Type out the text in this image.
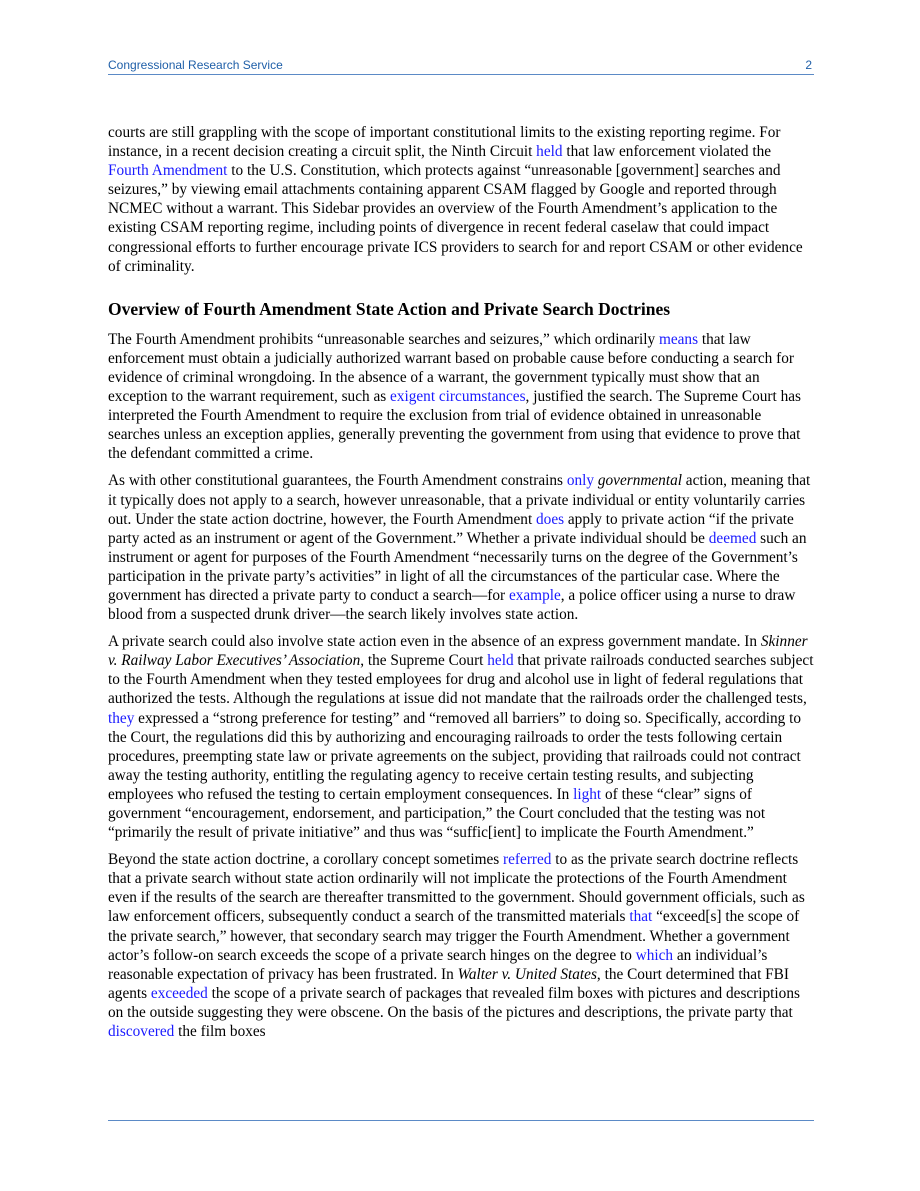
Congressional Research Service	2

courts are still grappling with the scope of important constitutional limits to the existing reporting regime. For instance, in a recent decision creating a circuit split, the Ninth Circuit held that law enforcement violated the Fourth Amendment to the U.S. Constitution, which protects against “unreasonable [government] searches and seizures,” by viewing email attachments containing apparent CSAM flagged by Google and reported through NCMEC without a warrant. This Sidebar provides an overview of the Fourth Amendment’s application to the existing CSAM reporting regime, including points of divergence in recent federal caselaw that could impact congressional efforts to further encourage private ICS providers to search for and report CSAM or other evidence of criminality.

Overview of Fourth Amendment State Action and Private Search Doctrines

The Fourth Amendment prohibits “unreasonable searches and seizures,” which ordinarily means that law enforcement must obtain a judicially authorized warrant based on probable cause before conducting a search for evidence of criminal wrongdoing. In the absence of a warrant, the government typically must show that an exception to the warrant requirement, such as exigent circumstances, justified the search. The Supreme Court has interpreted the Fourth Amendment to require the exclusion from trial of evidence obtained in unreasonable searches unless an exception applies, generally preventing the government from using that evidence to prove that the defendant committed a crime.

As with other constitutional guarantees, the Fourth Amendment constrains only governmental action, meaning that it typically does not apply to a search, however unreasonable, that a private individual or entity voluntarily carries out. Under the state action doctrine, however, the Fourth Amendment does apply to private action “if the private party acted as an instrument or agent of the Government.” Whether a private individual should be deemed such an instrument or agent for purposes of the Fourth Amendment “necessarily turns on the degree of the Government’s participation in the private party’s activities” in light of all the circumstances of the particular case. Where the government has directed a private party to conduct a search—for example, a police officer using a nurse to draw blood from a suspected drunk driver—the search likely involves state action.

A private search could also involve state action even in the absence of an express government mandate. In Skinner v. Railway Labor Executives’ Association, the Supreme Court held that private railroads conducted searches subject to the Fourth Amendment when they tested employees for drug and alcohol use in light of federal regulations that authorized the tests. Although the regulations at issue did not mandate that the railroads order the challenged tests, they expressed a “strong preference for testing” and “removed all barriers” to doing so. Specifically, according to the Court, the regulations did this by authorizing and encouraging railroads to order the tests following certain procedures, preempting state law or private agreements on the subject, providing that railroads could not contract away the testing authority, entitling the regulating agency to receive certain testing results, and subjecting employees who refused the testing to certain employment consequences. In light of these “clear” signs of government “encouragement, endorsement, and participation,” the Court concluded that the testing was not “primarily the result of private initiative” and thus was “suffic[ient] to implicate the Fourth Amendment.”

Beyond the state action doctrine, a corollary concept sometimes referred to as the private search doctrine reflects that a private search without state action ordinarily will not implicate the protections of the Fourth Amendment even if the results of the search are thereafter transmitted to the government. Should government officials, such as law enforcement officers, subsequently conduct a search of the transmitted materials that “exceed[s] the scope of the private search,” however, that secondary search may trigger the Fourth Amendment. Whether a government actor’s follow-on search exceeds the scope of a private search hinges on the degree to which an individual’s reasonable expectation of privacy has been frustrated. In Walter v. United States, the Court determined that FBI agents exceeded the scope of a private search of packages that revealed film boxes with pictures and descriptions on the outside suggesting they were obscene. On the basis of the pictures and descriptions, the private party that discovered the film boxes
